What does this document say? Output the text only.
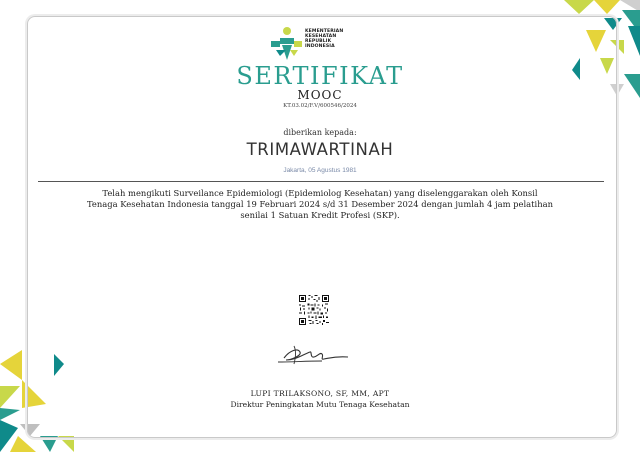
KEMENTERIAN
KESEHATAN
REPUBLIK
INDONESIA
SERTIFIKAT
MOOC
KT.03.02/F.V/600546/2024
diberikan kepada:
TRIMAWARTINAH
Jakarta, 05 Agustus 1981
Telah mengikuti Surveilance Epidemiologi (Epidemiolog Kesehatan) yang diselenggarakan oleh Konsil
Tenaga Kesehatan Indonesia tanggal 19 Februari 2024 s/d 31 Desember 2024 dengan jumlah 4 jam pelatihan
senilai 1 Satuan Kredit Profesi (SKP).
LUPI TRILAKSONO, SF, MM, APT
Direktur Peningkatan Mutu Tenaga Kesehatan
